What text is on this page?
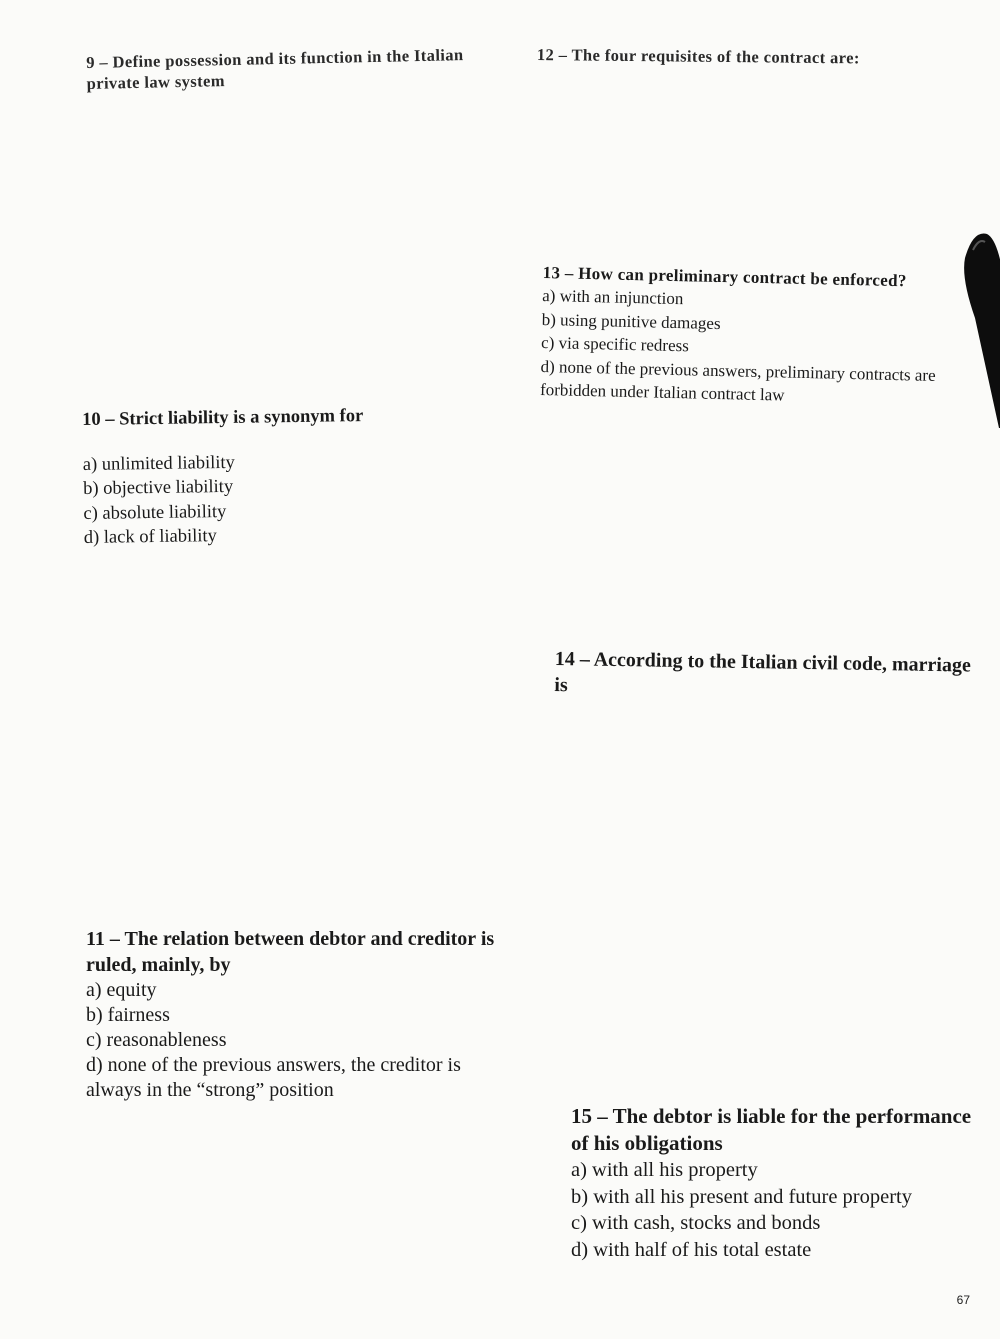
9 – Define possession and its function in the Italian private law system

12 – The four requisites of the contract are:

13 – How can preliminary contract be enforced?

a) with an injunction
b) using punitive damages
c) via specific redress
d) none of the previous answers, preliminary contracts are forbidden under Italian contract law

10 – Strict liability is a synonym for

a) unlimited liability
b) objective liability
c) absolute liability
d) lack of liability

14 – According to the Italian civil code, marriage is

11 – The relation between debtor and creditor is ruled, mainly, by

a) equity
b) fairness
c) reasonableness
d) none of the previous answers, the creditor is always in the “strong” position

15 – The debtor is liable for the performance of his obligations

a) with all his property
b) with all his present and future property
c) with cash, stocks and bonds
d) with half of his total estate
67
